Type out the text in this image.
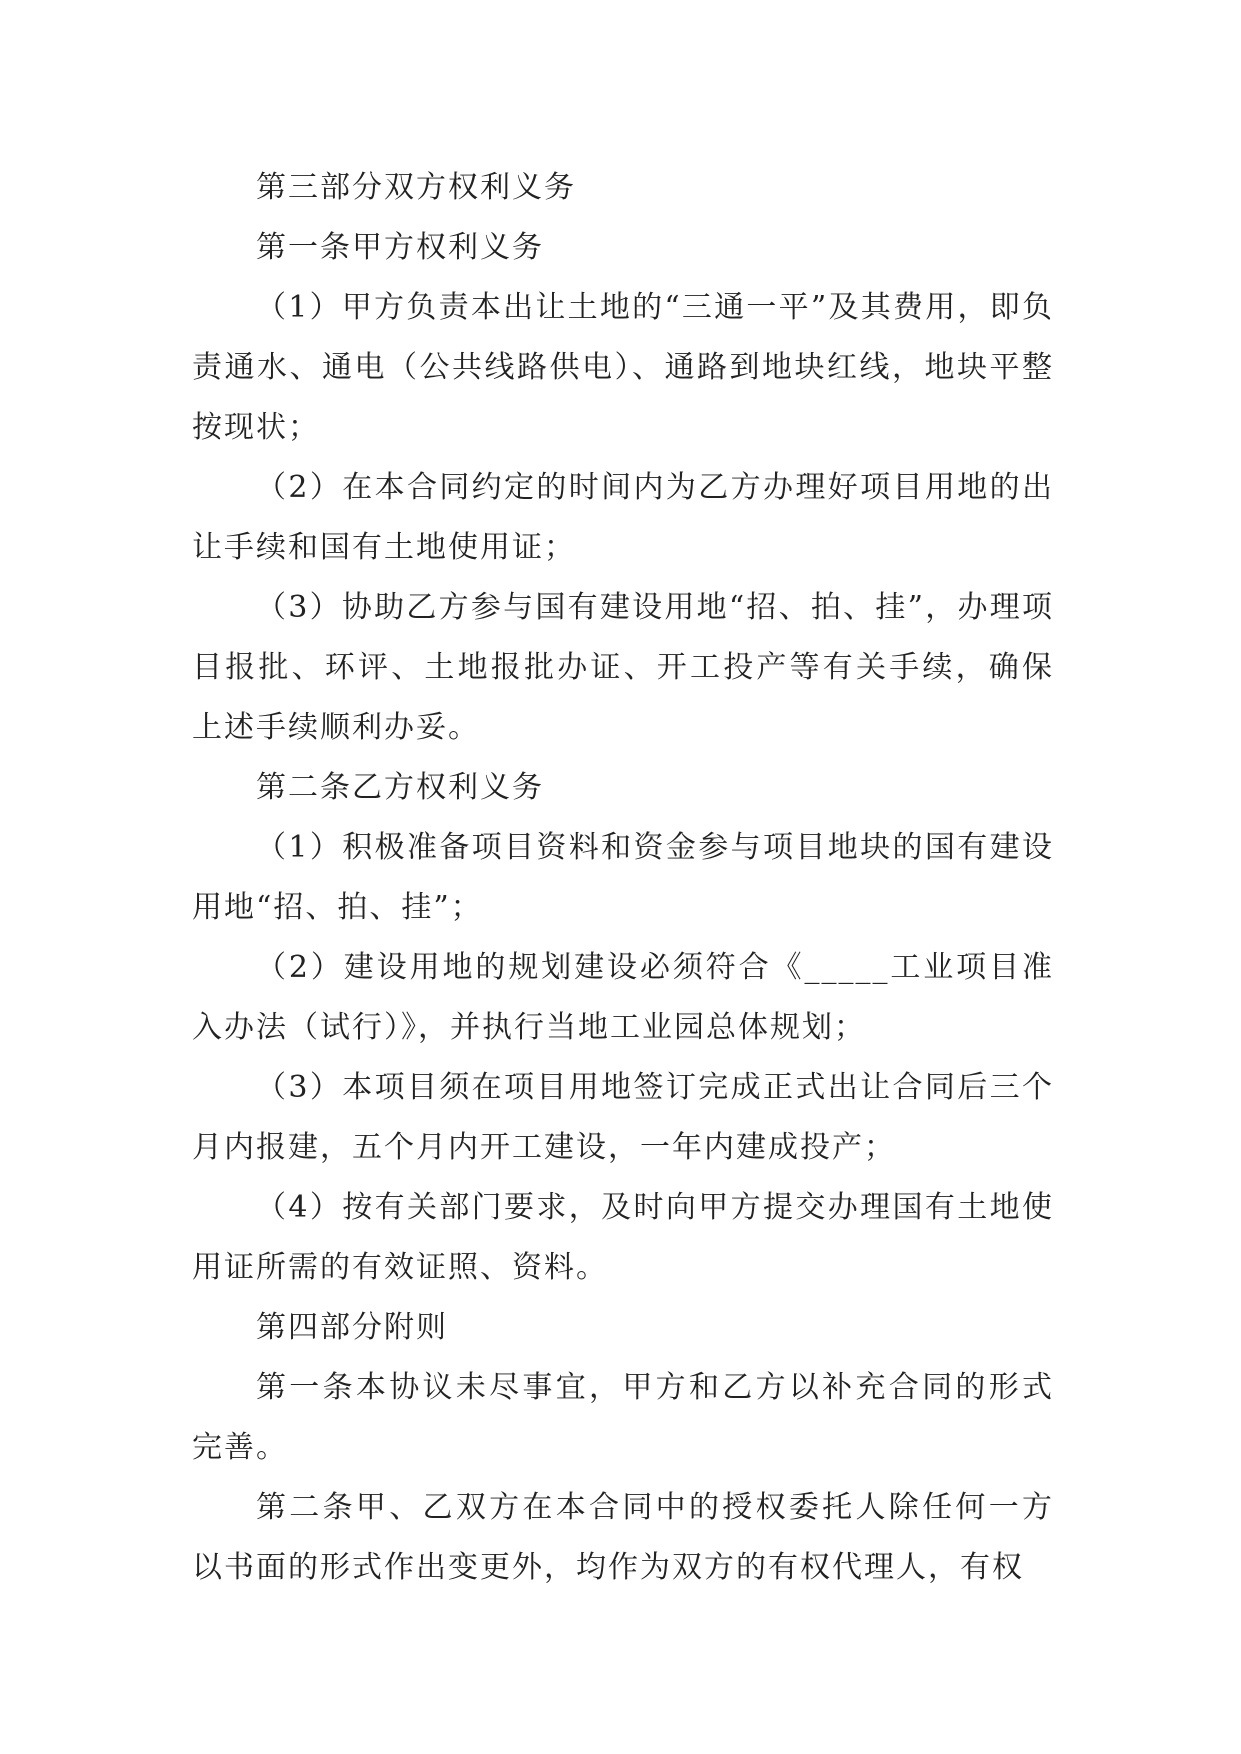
第三部分双方权利义务

第一条甲方权利义务

（1）甲方负责本出让土地的“三通一平”及其费用，即负责通水、通电（公共线路供电）、通路到地块红线，地块平整按现状；

（2）在本合同约定的时间内为乙方办理好项目用地的出让手续和国有土地使用证；

（3）协助乙方参与国有建设用地“招、拍、挂”，办理项目报批、环评、土地报批办证、开工投产等有关手续，确保上述手续顺利办妥。

第二条乙方权利义务

（1）积极准备项目资料和资金参与项目地块的国有建设用地“招、拍、挂”；

（2）建设用地的规划建设必须符合《_____工业项目准入办法（试行）》，并执行当地工业园总体规划；

（3）本项目须在项目用地签订完成正式出让合同后三个月内报建，五个月内开工建设，一年内建成投产；

（4）按有关部门要求，及时向甲方提交办理国有土地使用证所需的有效证照、资料。

第四部分附则

第一条本协议未尽事宜，甲方和乙方以补充合同的形式完善。

第二条甲、乙双方在本合同中的授权委托人除任何一方以书面的形式作出变更外，均作为双方的有权代理人，有权
